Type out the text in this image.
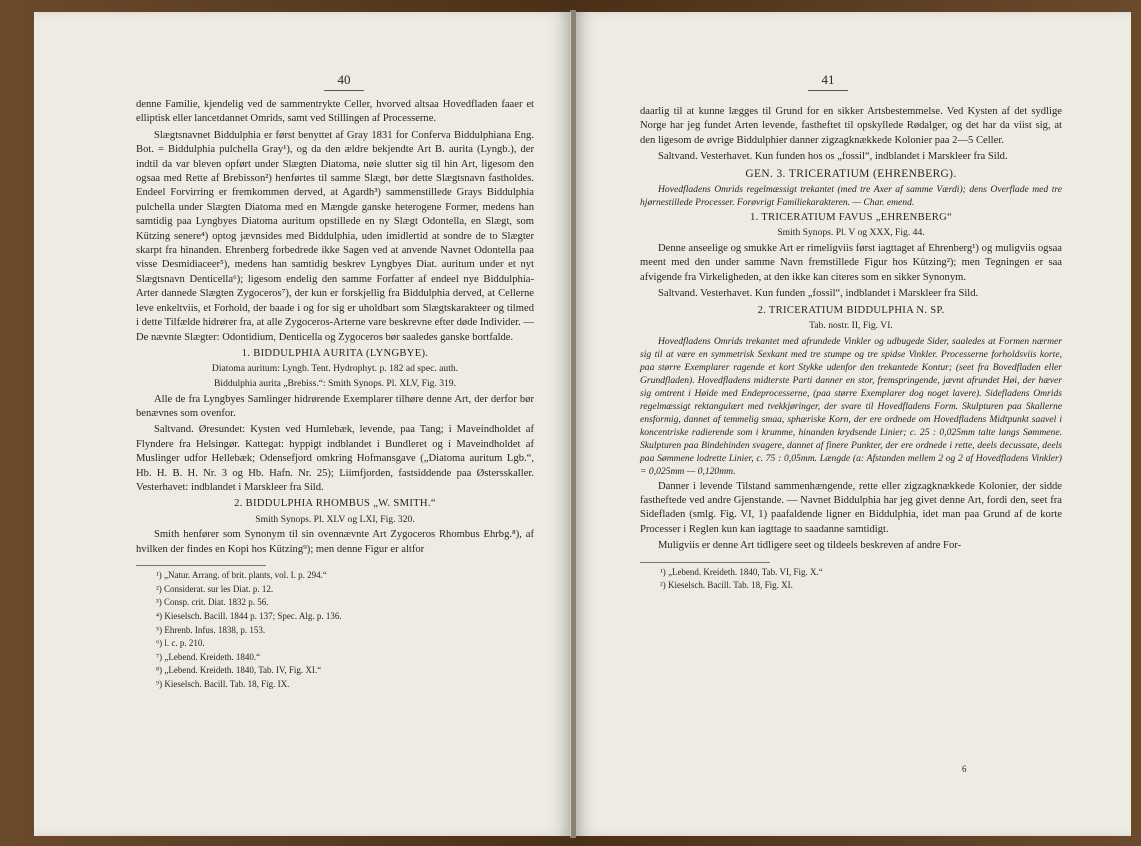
40

denne Familie, kjendelig ved de sammentrykte Celler, hvorved altsaa Hovedfladen faaer et elliptisk eller lancetdannet Omrids, samt ved Stillingen af Processerne.

Slægtsnavnet Biddulphia er først benyttet af Gray 1831 for Conferva Biddulphiana Eng. Bot. = Biddulphia pulchella Gray¹), og da den ældre bekjendte Art B. aurita (Lyngb.), der indtil da var bleven opført under Slægten Diatoma, nøie slutter sig til hin Art, ligesom den ogsaa med Rette af Brebisson²) henførtes til samme Slægt, bør dette Slægtsnavn fastholdes. Endeel Forvirring er fremkommen derved, at Agardh³) sammenstillede Grays Biddulphia pulchella under Slægten Diatoma med en Mængde ganske heterogene Former, medens han samtidig paa Lyngbyes Diatoma auritum opstillede en ny Slægt Odontella, en Slægt, som Kützing senere⁴) optog jævnsides med Biddulphia, uden imidlertid at sondre de to Slægter skarpt fra hinanden. Ehrenberg forbedrede ikke Sagen ved at anvende Navnet Odontella paa visse Desmidiaceer⁵), medens han samtidig beskrev Lyngbyes Diat. auritum under et nyt Slægtsnavn Denticella⁶); ligesom endelig den samme Forfatter af endeel nye Biddulphia-Arter dannede Slægten Zygoceros⁷), der kun er forskjellig fra Biddulphia derved, at Cellerne leve enkeltviis, et Forhold, der baade i og for sig er uholdbart som Slægtskarakteer og tilmed i dette Tilfælde hidrører fra, at alle Zygoceros-Arterne vare beskrevne efter døde Individer. — De nævnte Slægter: Odontidium, Denticella og Zygoceros bør saaledes ganske bortfalde.

1. BIDDULPHIA AURITA (LYNGBYE).

Diatoma auritum: Lyngb. Tent. Hydrophyt. p. 182 ad spec. auth.

Biddulphia aurita „Brebiss.“: Smith Synops. Pl. XLV, Fig. 319.

Alle de fra Lyngbyes Samlinger hidrørende Exemplarer tilhøre denne Art, der derfor bør benævnes som ovenfor.

Saltvand. Øresundet: Kysten ved Humlebæk, levende, paa Tang; i Maveindholdet af Flyndere fra Helsingør. Kattegat: hyppigt indblandet i Bundleret og i Maveindholdet af Muslinger udfor Hellebæk; Odensefjord omkring Hofmansgave („Diatoma auritum Lgb.“, Hb. H. B. H. Nr. 3 og Hb. Hafn. Nr. 25); Liimfjorden, fastsiddende paa Østersskaller. Vesterhavet: indblandet i Marskleer fra Sild.

2. BIDDULPHIA RHOMBUS „W. SMITH.“

Smith Synops. Pl. XLV og LXI, Fig. 320.

Smith henfører som Synonym til sin ovennævnte Art Zygoceros Rhombus Ehrbg.⁸), af hvilken der findes en Kopi hos Kützing⁹); men denne Figur er altfor

¹) „Natur. Arrang. of brit. plants, vol. I. p. 294.“

²) Considerat. sur les Diat. p. 12.

³) Consp. crit. Diat. 1832 p. 56.

⁴) Kieselsch. Bacill. 1844 p. 137; Spec. Alg. p. 136.

⁵) Ehrenb. Infus. 1838, p. 153.

⁶) l. c. p. 210.

⁷) „Lebend. Kreideth. 1840.“

⁸) „Lebend. Kreideth. 1840, Tab. IV, Fig. XI.“

⁹) Kieselsch. Bacill. Tab. 18, Fig. IX.

41

daarlig til at kunne lægges til Grund for en sikker Artsbestemmelse. Ved Kysten af det sydlige Norge har jeg fundet Arten levende, fastheftet til opskyllede Rødalger, og det har da viist sig, at den ligesom de øvrige Biddulphier danner zigzagknækkede Kolonier paa 2—5 Celler.

Saltvand. Vesterhavet. Kun funden hos os „fossil“, indblandet i Marskleer fra Sild.

GEN. 3. TRICERATIUM (EHRENBERG).

Hovedfladens Omrids regelmæssigt trekantet (med tre Axer af samme Værdi); dens Overflade med tre hjørnestillede Processer. Forøvrigt Familiekarakteren. — Char. emend.

1. TRICERATIUM FAVUS „EHRENBERG“

Smith Synops. Pl. V og XXX, Fig. 44.

Denne anseelige og smukke Art er rimeligviis først iagttaget af Ehrenberg¹) og muligviis ogsaa meent med den under samme Navn fremstillede Figur hos Kützing²); men Tegningen er saa afvigende fra Virkeligheden, at den ikke kan citeres som en sikker Synonym.

Saltvand. Vesterhavet. Kun funden „fossil“, indblandet i Marskleer fra Sild.

2. TRICERATIUM BIDDULPHIA N. SP.

Tab. nostr. II, Fig. VI.

Hovedfladens Omrids trekantet med afrundede Vinkler og udbugede Sider, saaledes at Formen nærmer sig til at være en symmetrisk Sexkant med tre stumpe og tre spidse Vinkler. Processerne forholdsviis korte, paa større Exemplarer ragende et kort Stykke udenfor den trekantede Kontur; (seet fra Bovedfladen eller Grundfladen). Hovedfladens midterste Parti danner en stor, fremspringende, jævnt afrundet Høi, der hæver sig omtrent i Høide med Endeprocesserne, (paa større Exemplarer dog noget lavere). Sidefladens Omrids regelmæssigt rektangulært med tvekkjøringer, der svare til Hovedfladens Form. Skulpturen paa Skallerne ensformig, dannet af temmelig smaa, sphæriske Korn, der ere ordnede om Hovedfladens Midtpunkt saavel i koncentriske radierende som i krumme, hinanden krydsende Linier; c. 25 : 0,025mm talte langs Sømmene. Skulpturen paa Bindehinden svagere, dannet af finere Punkter, der ere ordnede i rette, deels decussate, deels paa Sømmene lodrette Linier, c. 75 : 0,05mm. Længde (a: Afstanden mellem 2 og 2 af Hovedfladens Vinkler) = 0,025mm — 0,120mm.

Danner i levende Tilstand sammenhængende, rette eller zigzagknækkede Kolonier, der sidde fastheftede ved andre Gjenstande. — Navnet Biddulphia har jeg givet denne Art, fordi den, seet fra Sidefladen (smlg. Fig. VI, 1) paafaldende ligner en Biddulphia, idet man paa Grund af de korte Processer i Reglen kun kan iagttage to saadanne samtidigt.

Muligviis er denne Art tidligere seet og tildeels beskreven af andre For-

¹) „Lebend. Kreideth. 1840, Tab. VI, Fig. X.“

²) Kieselsch. Bacill. Tab. 18, Fig. XI.

6
